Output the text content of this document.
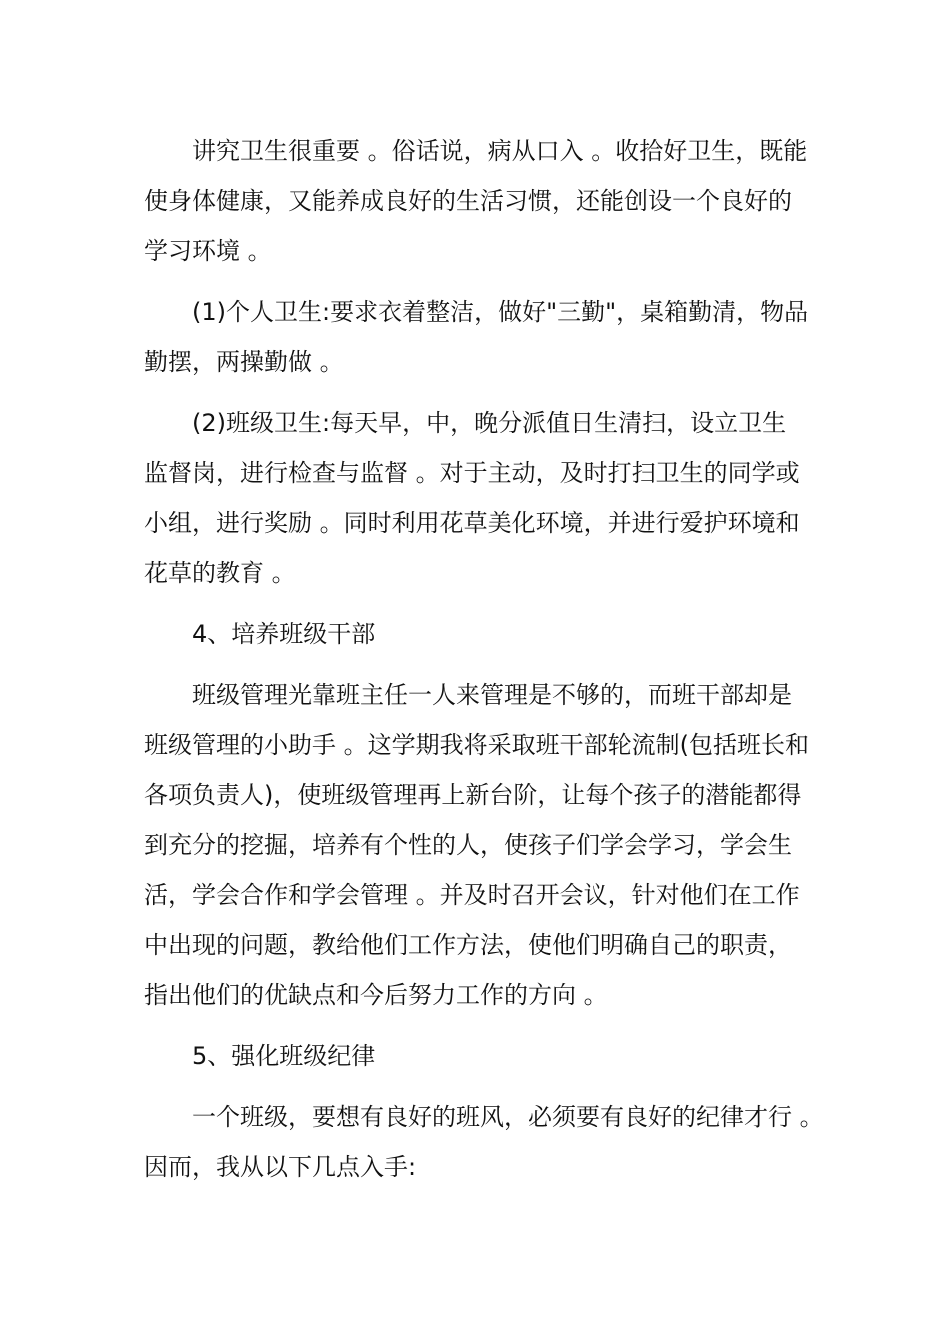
讲究卫生很重要 。俗话说，病从口入 。收拾好卫生，既能
使身体健康，又能养成良好的生活习惯，还能创设一个良好的
学习环境 。
(1)个人卫生:要求衣着整洁，做好"三勤"，桌箱勤清，物品
勤摆，两操勤做 。
(2)班级卫生:每天早，中，晚分派值日生清扫，设立卫生
监督岗，进行检查与监督 。对于主动，及时打扫卫生的同学或
小组，进行奖励 。同时利用花草美化环境，并进行爱护环境和
花草的教育 。
4、培养班级干部
班级管理光靠班主任一人来管理是不够的，而班干部却是
班级管理的小助手 。这学期我将采取班干部轮流制(包括班长和
各项负责人)，使班级管理再上新台阶，让每个孩子的潜能都得
到充分的挖掘，培养有个性的人，使孩子们学会学习，学会生
活，学会合作和学会管理 。并及时召开会议，针对他们在工作
中出现的问题，教给他们工作方法，使他们明确自己的职责，
指出他们的优缺点和今后努力工作的方向 。
5、强化班级纪律
一个班级，要想有良好的班风，必须要有良好的纪律才行 。
因而，我从以下几点入手:
